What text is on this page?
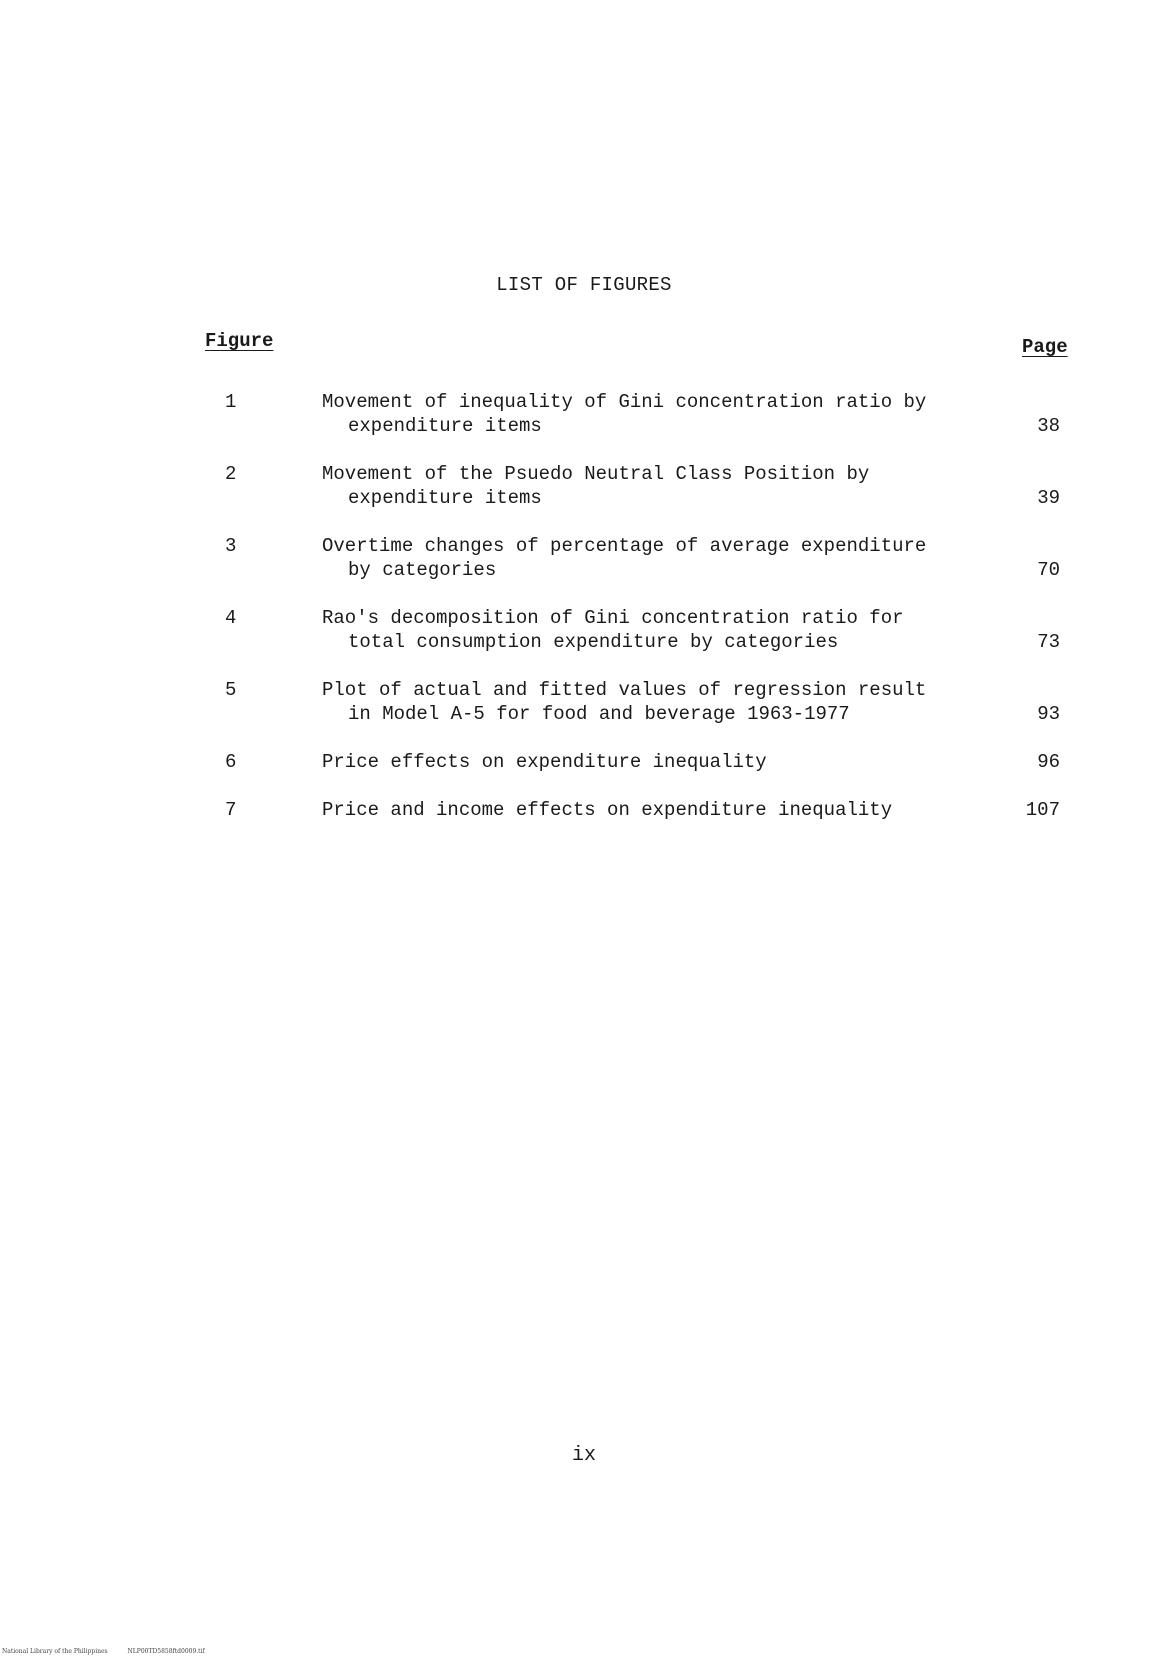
LIST OF FIGURES
Figure	Page
1	Movement of inequality of Gini concentration ratio by expenditure items	38
2	Movement of the Psuedo Neutral Class Position by expenditure items	39
3	Overtime changes of percentage of average expenditure by categories	70
4	Rao's decomposition of Gini concentration ratio for total consumption expenditure by categories	73
5	Plot of actual and fitted values of regression result in Model A-5 for food and beverage 1963-1977	93
6	Price effects on expenditure inequality	96
7	Price and income effects on expenditure inequality	107
ix
National Library of the Philippines	NLP00TD5858ftd0009.tif
